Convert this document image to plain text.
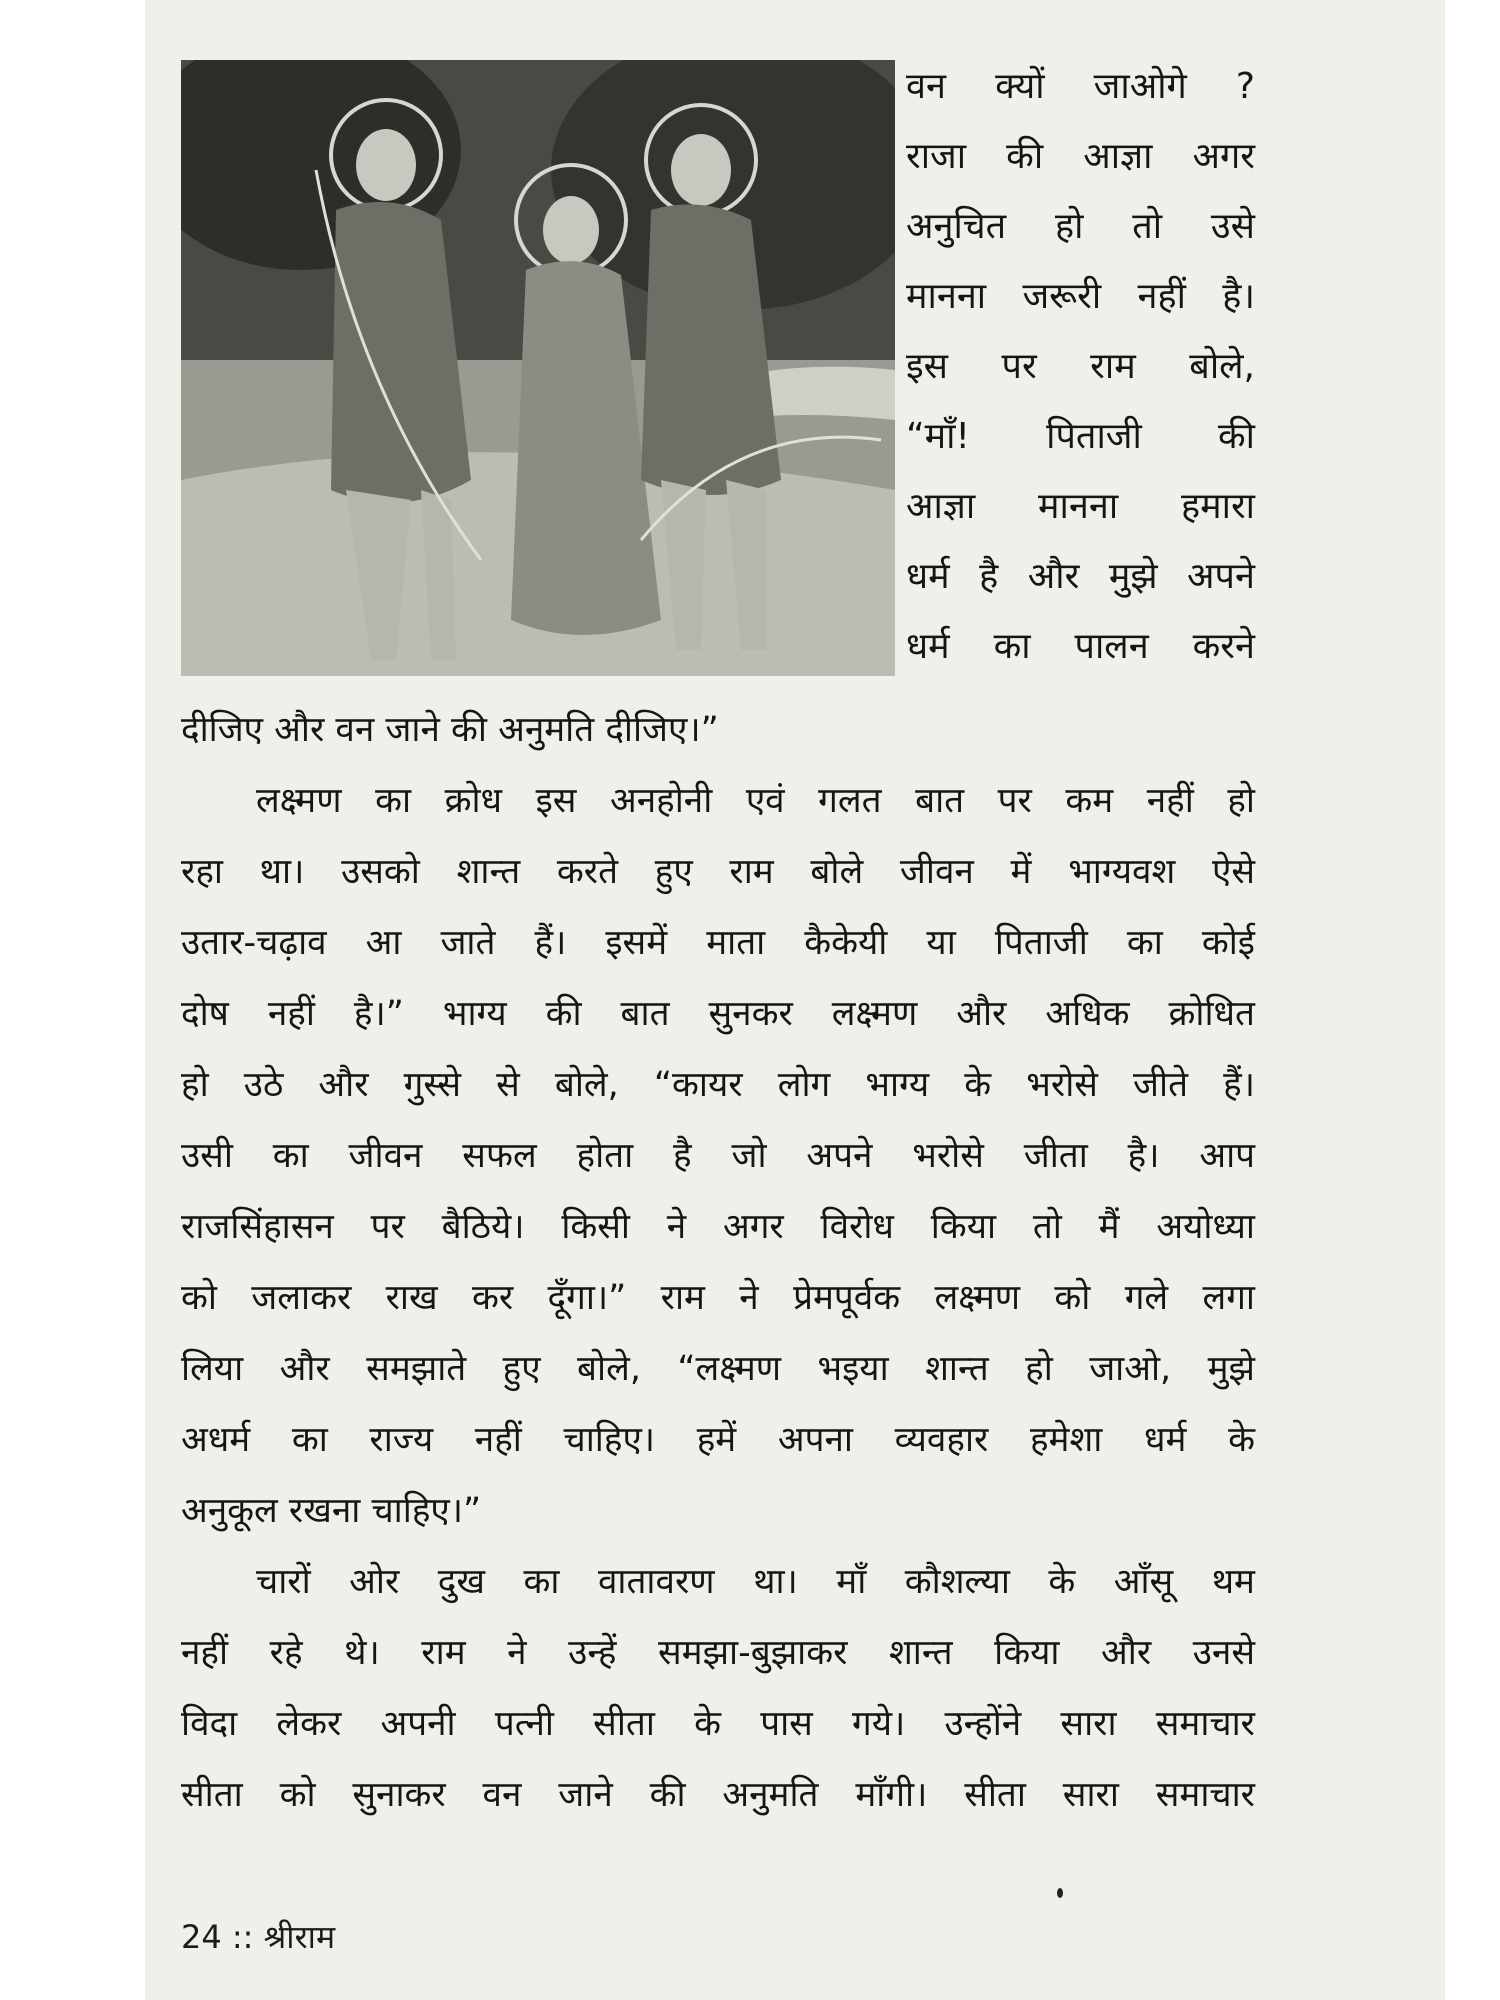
वन क्यों जाओगे ?
राजा की आज्ञा अगर
अनुचित हो तो उसे
मानना जरूरी नहीं है।
इस पर राम बोले,
“माँ! पिताजी की
आज्ञा मानना हमारा
धर्म है और मुझे अपने
धर्म का पालन करने
दीजिए और वन जाने की अनुमति दीजिए।”
लक्ष्मण का क्रोध इस अनहोनी एवं गलत बात पर कम नहीं हो
रहा था। उसको शान्त करते हुए राम बोले जीवन में भाग्यवश ऐसे
उतार-चढ़ाव आ जाते हैं। इसमें माता कैकेयी या पिताजी का कोई
दोष नहीं है।” भाग्य की बात सुनकर लक्ष्मण और अधिक क्रोधित
हो उठे और गुस्से से बोले, “कायर लोग भाग्य के भरोसे जीते हैं।
उसी का जीवन सफल होता है जो अपने भरोसे जीता है। आप
राजसिंहासन पर बैठिये। किसी ने अगर विरोध किया तो मैं अयोध्या
को जलाकर राख कर दूँगा।” राम ने प्रेमपूर्वक लक्ष्मण को गले लगा
लिया और समझाते हुए बोले, “लक्ष्मण भइया शान्त हो जाओ, मुझे
अधर्म का राज्य नहीं चाहिए। हमें अपना व्यवहार हमेशा धर्म के
अनुकूल रखना चाहिए।”
चारों ओर दुख का वातावरण था। माँ कौशल्या के आँसू थम
नहीं रहे थे। राम ने उन्हें समझा-बुझाकर शान्त किया और उनसे
विदा लेकर अपनी पत्नी सीता के पास गये। उन्होंने सारा समाचार
सीता को सुनाकर वन जाने की अनुमति माँगी। सीता सारा समाचार
24 :: श्रीराम
